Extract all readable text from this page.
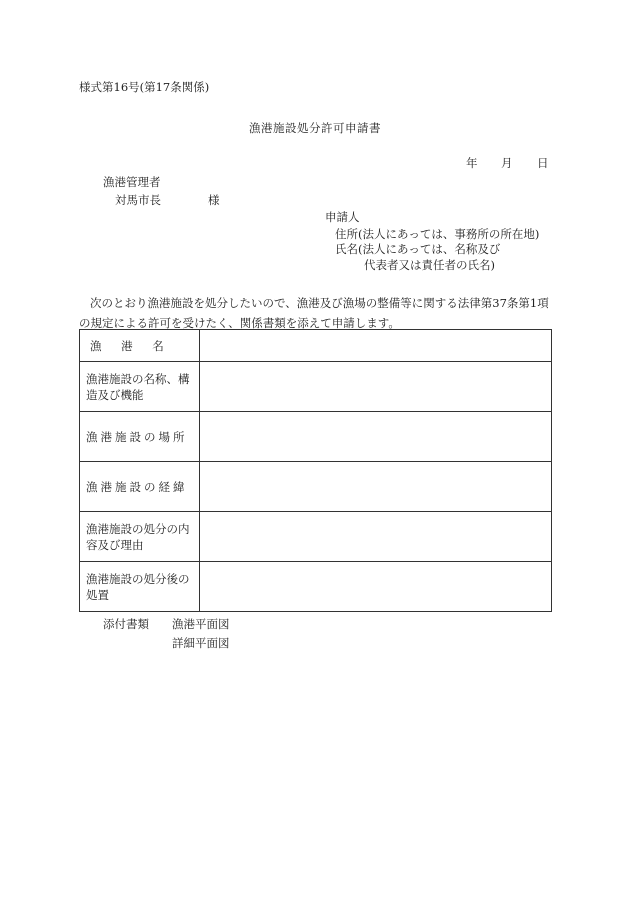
様式第16号(第17条関係)
漁港施設処分許可申請書
年 月 日
漁港管理者
対馬市長	様
申請人
住所(法人にあっては、事務所の所在地)
氏名(法人にあっては、名称及び
代表者又は責任者の氏名)
次のとおり漁港施設を処分したいので、漁港及び漁場の整備等に関する法律第37条第1項の規定による許可を受けたく、関係書類を添えて申請します。
漁 港 名	
漁港施設の名称、構造及び機能	
漁港施設の場所	
漁港施設の経緯	
漁港施設の処分の内容及び理由	
漁港施設の処分後の処置	
添付書類 漁港平面図
詳細平面図
